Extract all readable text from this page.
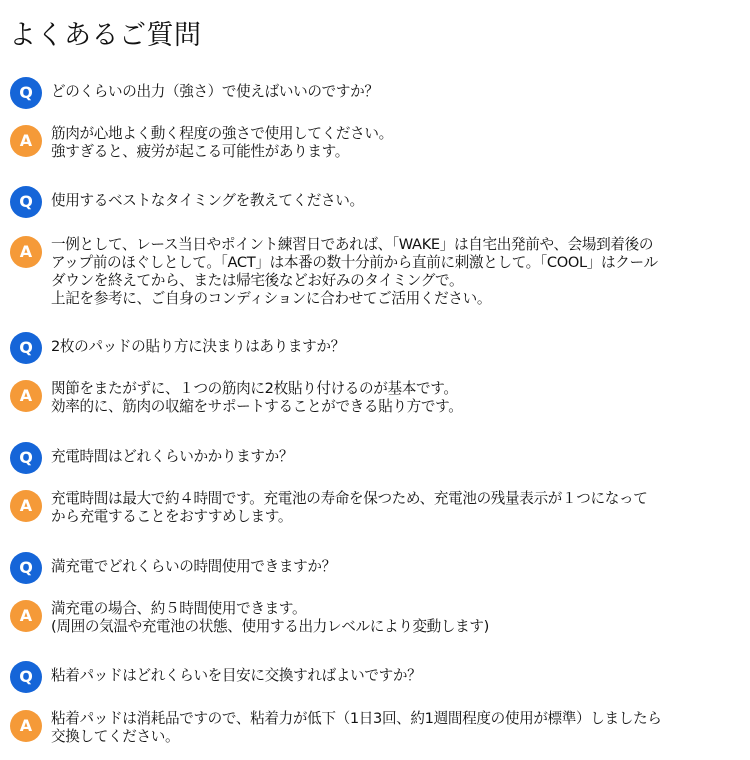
よくあるご質問
Q	どのくらいの出力（強さ）で使えばいいのですか？

A	筋肉が心地よく動く程度の強さで使用してください。
強すぎると、疲労が起こる可能性があります。

Q	使用するベストなタイミングを教えてください。

A	一例として、レース当日やポイント練習日であれば、「WAKE」は自宅出発前や、会場到着後の
アップ前のほぐしとして。「ACT」は本番の数十分前から直前に刺激として。「COOL」はクール
ダウンを終えてから、または帰宅後などお好みのタイミングで。
上記を参考に、ご自身のコンディションに合わせてご活用ください。

Q	2枚のパッドの貼り方に決まりはありますか？

A	関節をまたがずに、１つの筋肉に2枚貼り付けるのが基本です。
効率的に、筋肉の収縮をサポートすることができる貼り方です。

Q	充電時間はどれくらいかかりますか？

A	充電時間は最大で約４時間です。充電池の寿命を保つため、充電池の残量表示が１つになって
から充電することをおすすめします。

Q	満充電でどれくらいの時間使用できますか？

A	満充電の場合、約５時間使用できます。
(周囲の気温や充電池の状態、使用する出力レベルにより変動します)

Q	粘着パッドはどれくらいを目安に交換すればよいですか？

A	粘着パッドは消耗品ですので、粘着力が低下（1日3回、約1週間程度の使用が標準）しましたら
交換してください。
